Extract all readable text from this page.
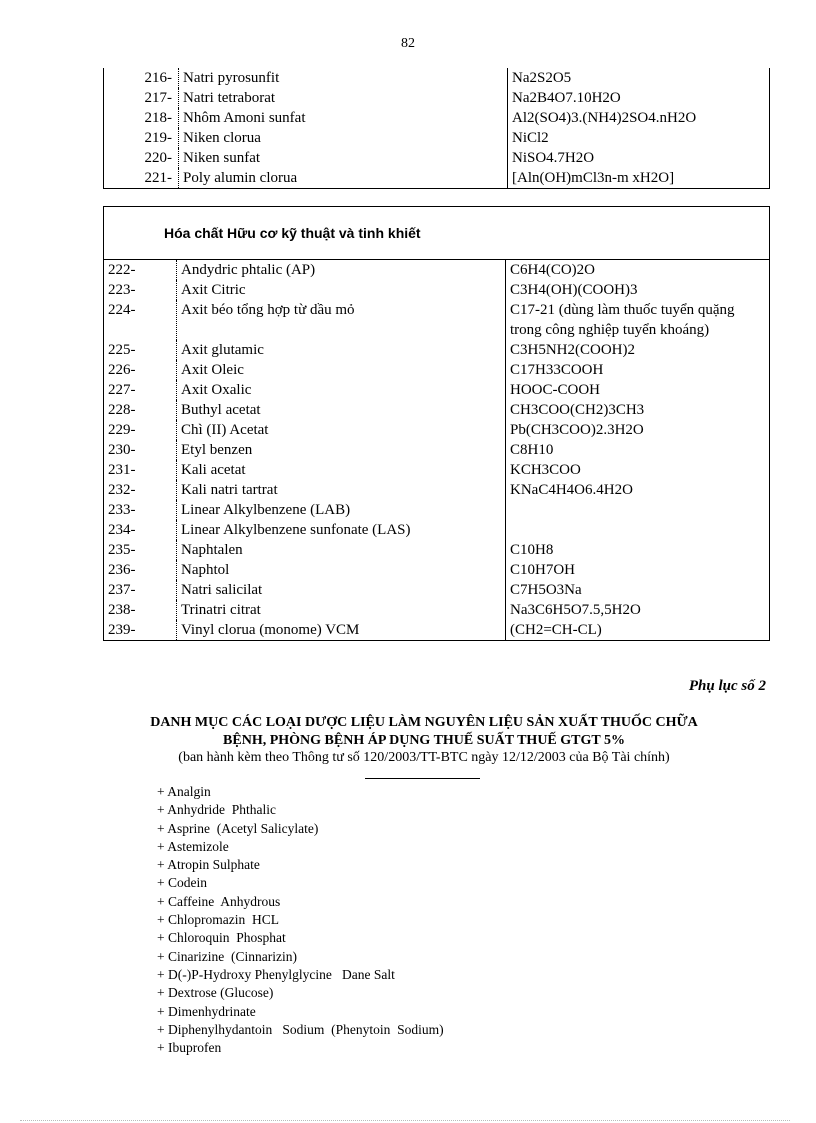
82
216-	Natri pyrosunfit	Na2S2O5
217-	Natri tetraborat	Na2B4O7.10H2O
218-	Nhôm Amoni sunfat	Al2(SO4)3.(NH4)2SO4.nH2O
219-	Niken clorua	NiCl2
220-	Niken sunfat	NiSO4.7H2O
221-	Poly alumin clorua	[Aln(OH)mCl3n-m xH2O]
Hóa chất Hữu cơ kỹ thuật và tinh khiết		
222-	Andydric phtalic (AP)	C6H4(CO)2O
223-	Axit Citric	C3H4(OH)(COOH)3
224-	Axit béo tổng hợp từ dầu mỏ	C17-21 (dùng làm thuốc tuyển quặng trong công nghiệp tuyển khoáng)
225-	Axit glutamic	C3H5NH2(COOH)2
226-	Axit Oleic	C17H33COOH
227-	Axit Oxalic	HOOC-COOH
228-	Buthyl acetat	CH3COO(CH2)3CH3
229-	Chì (II) Acetat	Pb(CH3COO)2.3H2O
230-	Etyl benzen	C8H10
231-	Kali acetat	KCH3COO
232-	Kali natri tartrat	KNaC4H4O6.4H2O
233-	Linear Alkylbenzene (LAB)	
234-	Linear Alkylbenzene sunfonate (LAS)	
235-	Naphtalen	C10H8
236-	Naphtol	C10H7OH
237-	Natri salicilat	C7H5O3Na
238-	Trinatri citrat	Na3C6H5O7.5,5H2O
239-	Vinyl clorua (monome) VCM	(CH2=CH-CL)
Phụ lục số 2
DANH MỤC CÁC LOẠI DƯỢC LIỆU LÀM NGUYÊN LIỆU SẢN XUẤT THUỐC CHỮA
BỆNH, PHÒNG BỆNH ÁP DỤNG THUẾ SUẤT THUẾ GTGT 5%
(ban hành kèm theo Thông tư số 120/2003/TT-BTC ngày 12/12/2003 của Bộ Tài chính)
+ Analgin
+ Anhydride  Phthalic
+ Asprine  (Acetyl Salicylate)
+ Astemizole
+ Atropin Sulphate
+ Codein
+ Caffeine  Anhydrous
+ Chlopromazin  HCL
+ Chloroquin  Phosphat
+ Cinarizine  (Cinnarizin)
+ D(-)P-Hydroxy Phenylglycine   Dane Salt
+ Dextrose (Glucose)
+ Dimenhydrinate
+ Diphenylhydantoin   Sodium  (Phenytoin  Sodium)
+ Ibuprofen
